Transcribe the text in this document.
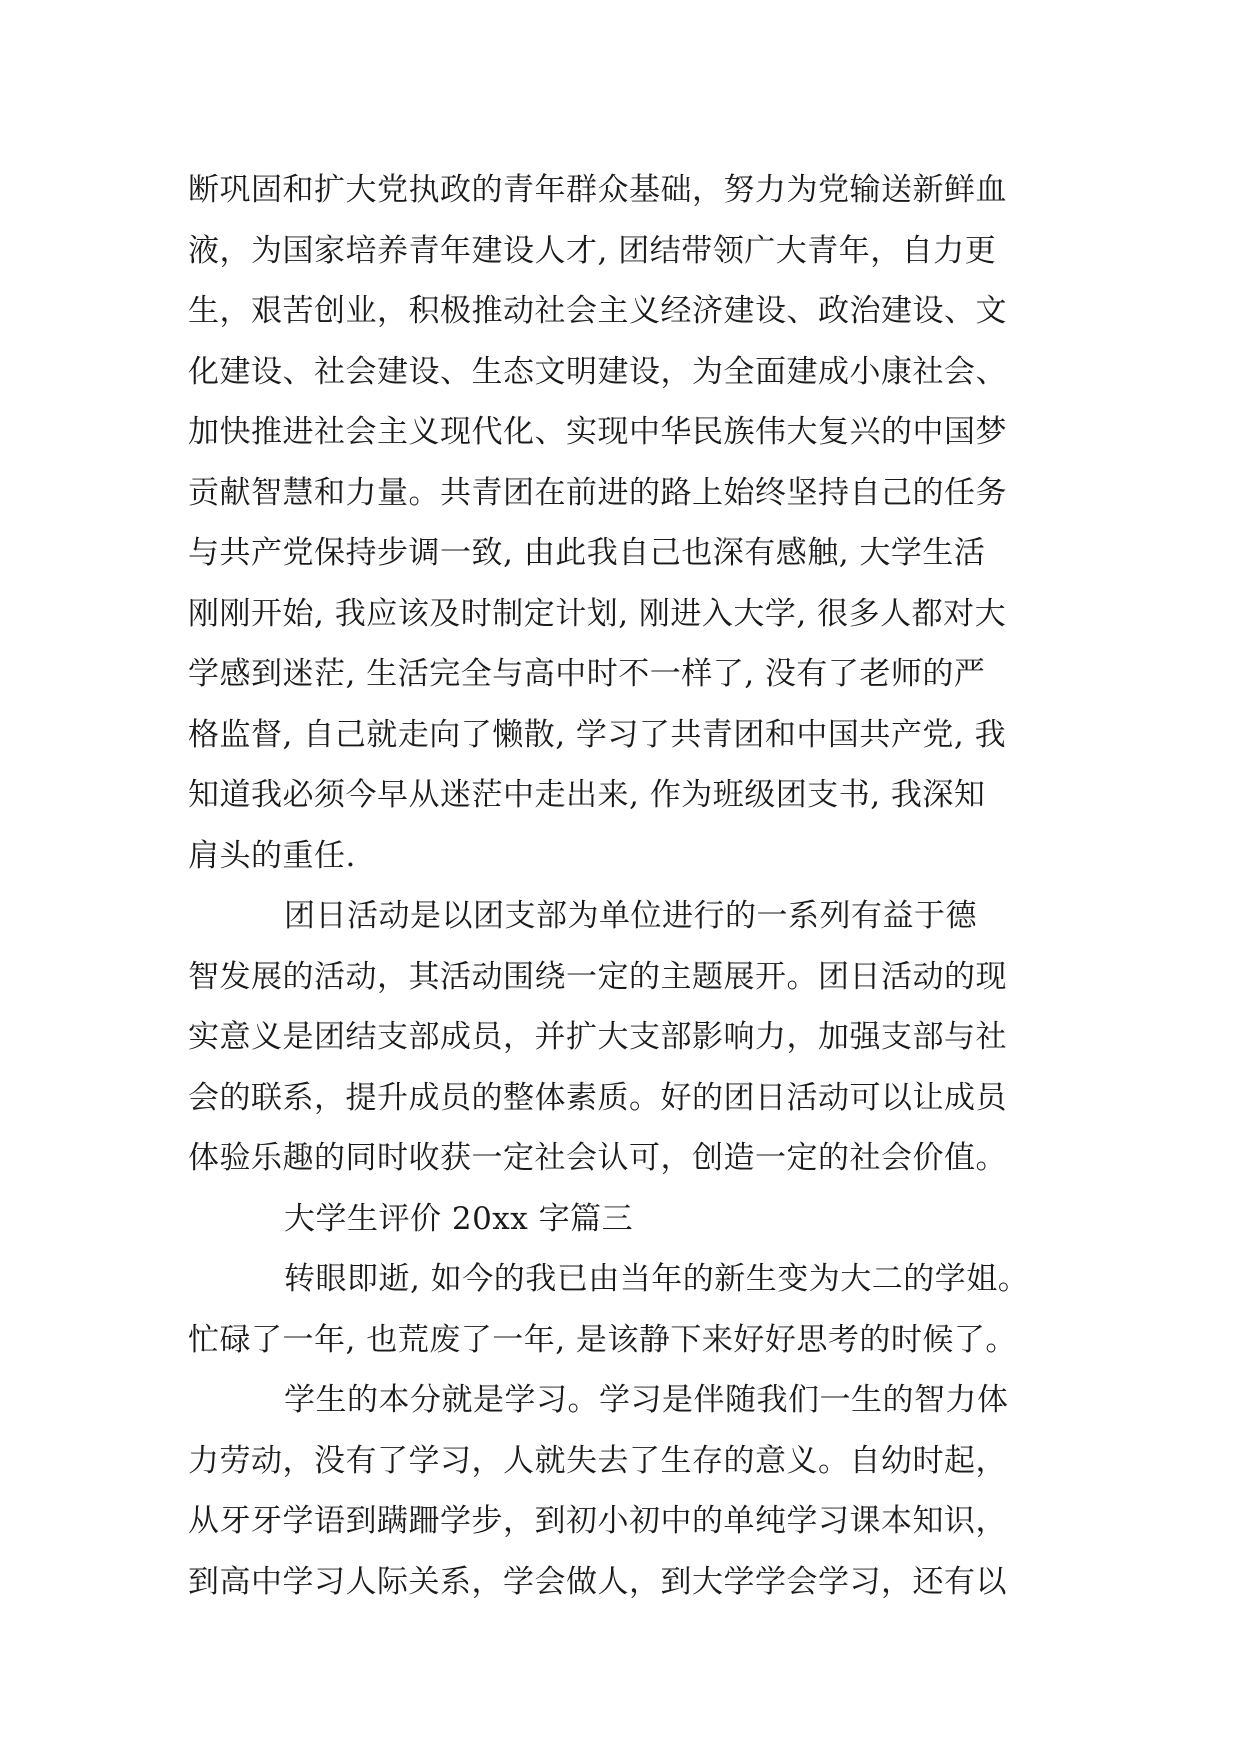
断巩固和扩大党执政的青年群众基础，努力为党输送新鲜血
液，为国家培养青年建设人才, 团结带领广大青年，自力更
生，艰苦创业，积极推动社会主义经济建设、政治建设、文
化建设、社会建设、生态文明建设，为全面建成小康社会、
加快推进社会主义现代化、实现中华民族伟大复兴的中国梦
贡献智慧和力量。共青团在前进的路上始终坚持自己的任务
与共产党保持步调一致, 由此我自己也深有感触, 大学生活
刚刚开始, 我应该及时制定计划, 刚进入大学, 很多人都对大
学感到迷茫, 生活完全与高中时不一样了, 没有了老师的严
格监督, 自己就走向了懒散, 学习了共青团和中国共产党, 我
知道我必须今早从迷茫中走出来, 作为班级团支书, 我深知
肩头的重任.
团日活动是以团支部为单位进行的一系列有益于德
智发展的活动，其活动围绕一定的主题展开。团日活动的现
实意义是团结支部成员，并扩大支部影响力，加强支部与社
会的联系，提升成员的整体素质。好的团日活动可以让成员
体验乐趣的同时收获一定社会认可，创造一定的社会价值。
大学生评价 20xx 字篇三
转眼即逝, 如今的我已由当年的新生变为大二的学姐。
忙碌了一年, 也荒废了一年, 是该静下来好好思考的时候了。
学生的本分就是学习。学习是伴随我们一生的智力体
力劳动，没有了学习，人就失去了生存的意义。自幼时起，
从牙牙学语到蹒跚学步，到初小初中的单纯学习课本知识，
到高中学习人际关系，学会做人，到大学学会学习，还有以
